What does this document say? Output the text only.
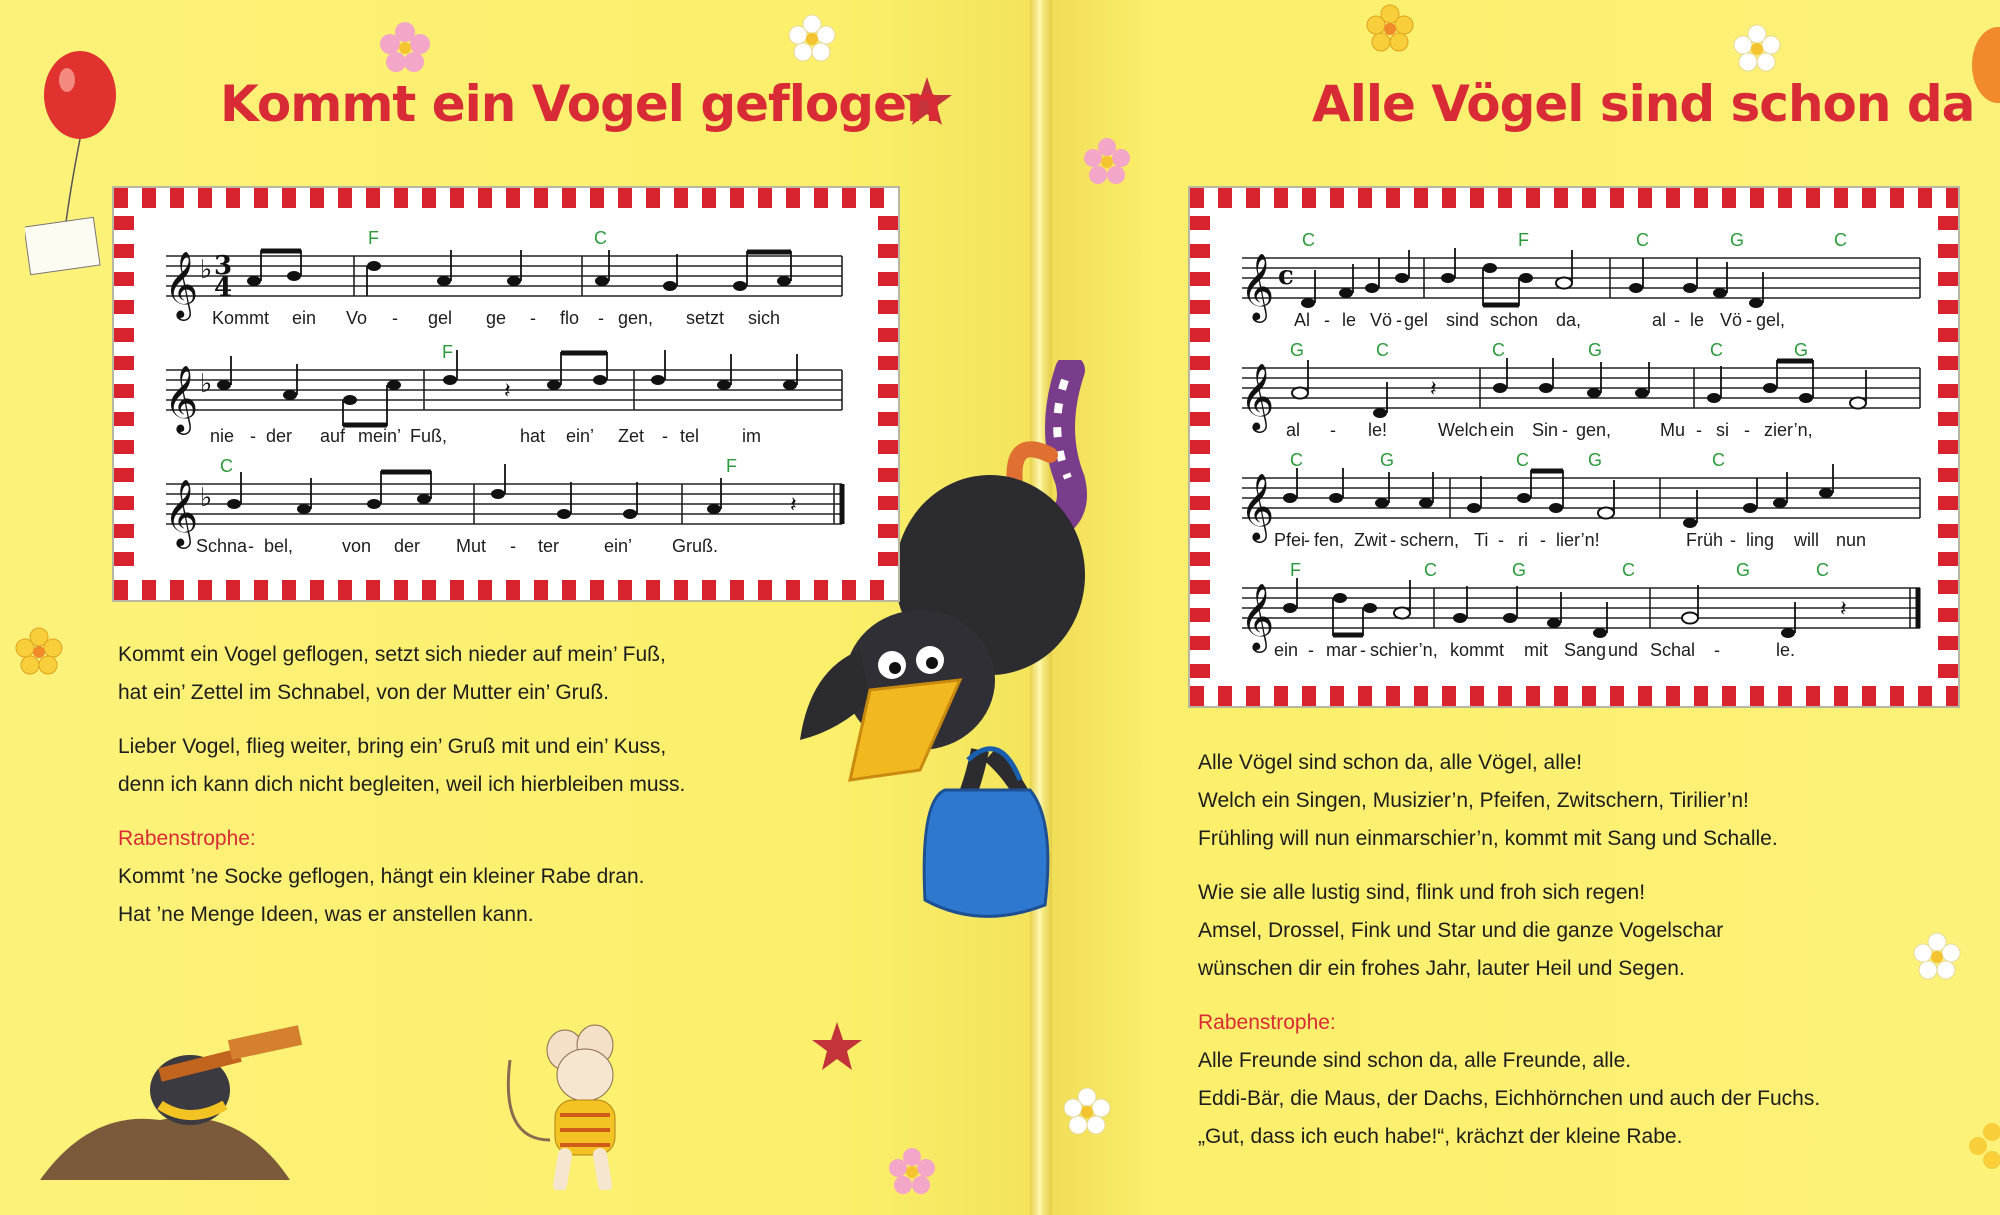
Kommt ein Vogel geflogen
𝄞 ♭ 3
4
F	C
Kommt ein Vo - gel ge - flo - gen, setzt sich
𝄞 ♭	𝄽
F
nie - der auf mein’ Fuß,	hat ein’ Zet - tel im
𝄞 ♭	𝄽
C	F
Schna - bel,	von der Mut - ter ein’ Gruß.

Kommt ein Vogel geflogen, setzt sich nieder auf mein’ Fuß,

hat ein’ Zettel im Schnabel, von der Mutter ein’ Gruß.

Lieber Vogel, flieg weiter, bring ein’ Gruß mit und ein’ Kuss,

denn ich kann dich nicht begleiten, weil ich hierbleiben muss.

Rabenstrophe:

Kommt ’ne Socke geflogen, hängt ein kleiner Rabe dran.

Hat ’ne Menge Ideen, was er anstellen kann.

Alle Vögel sind schon da
𝄞 c
C	F	C	G	C
Al - le Vö - gel sind schon da,	al - le Vö - gel,
𝄞	𝄽
G	C	C	G	C	G
al - le!	Welch ein Sin - gen,	Mu - si - zier’n,
𝄞
C	G	C	G	C
Pfei
- fen, Zwit - schern, Ti - ri - lier’n!	Früh - ling will nun
𝄞	𝄽
F	C	G	C	G	C
ein - mar - schier’n, kommt mit Sang und Schal -	le.

Alle Vögel sind schon da, alle Vögel, alle!

Welch ein Singen, Musizier’n, Pfeifen, Zwitschern, Tirilier’n!

Frühling will nun einmarschier’n, kommt mit Sang und Schalle.

Wie sie alle lustig sind, flink und froh sich regen!

Amsel, Drossel, Fink und Star und die ganze Vogelschar

wünschen dir ein frohes Jahr, lauter Heil und Segen.

Rabenstrophe:

Alle Freunde sind schon da, alle Freunde, alle.

Eddi-Bär, die Maus, der Dachs, Eichhörnchen und auch der Fuchs.

„Gut, dass ich euch habe!“, krächzt der kleine Rabe.
